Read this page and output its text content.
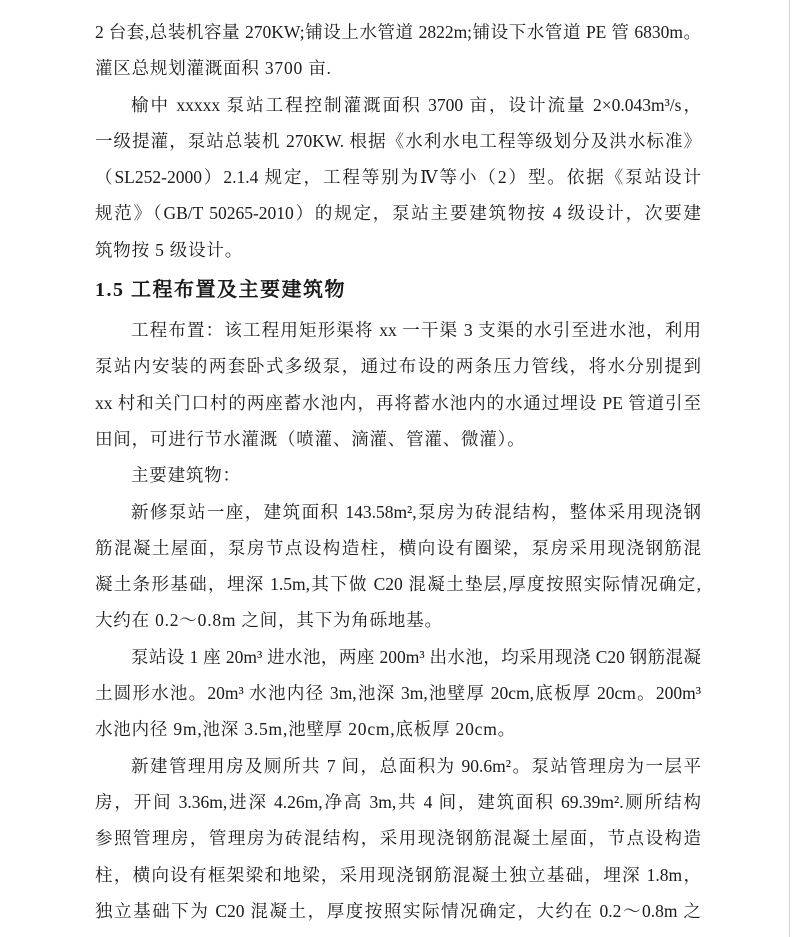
2 台套,总装机容量 270KW;铺设上水管道 2822m;铺设下水管道 PE 管 6830m。
灌区总规划灌溉面积 3700 亩.
榆中 xxxxx 泵站工程控制灌溉面积 3700 亩，设计流量 2×0.043m³/s，
一级提灌，泵站总装机 270KW. 根据《水利水电工程等级划分及洪水标准》
（SL252-2000）2.1.4 规定，工程等别为Ⅳ等小（2）型。依据《泵站设计
规范》（GB/T 50265-2010）的规定，泵站主要建筑物按 4 级设计，次要建
筑物按 5 级设计。
1.5 工程布置及主要建筑物
工程布置：该工程用矩形渠将 xx 一干渠 3 支渠的水引至进水池，利用
泵站内安装的两套卧式多级泵，通过布设的两条压力管线，将水分别提到
xx 村和关门口村的两座蓄水池内，再将蓄水池内的水通过埋设 PE 管道引至
田间，可进行节水灌溉（喷灌、滴灌、管灌、微灌）。
主要建筑物：
新修泵站一座，建筑面积 143.58m²,泵房为砖混结构，整体采用现浇钢
筋混凝土屋面，泵房节点设构造柱，横向设有圈梁，泵房采用现浇钢筋混
凝土条形基础，埋深 1.5m,其下做 C20 混凝土垫层,厚度按照实际情况确定,
大约在 0.2～0.8m 之间，其下为角砾地基。
泵站设 1 座 20m³ 进水池，两座 200m³ 出水池，均采用现浇 C20 钢筋混凝
土圆形水池。20m³ 水池内径 3m,池深 3m,池壁厚 20cm,底板厚 20cm。200m³
水池内径 9m,池深 3.5m,池壁厚 20cm,底板厚 20cm。
新建管理用房及厕所共 7 间，总面积为 90.6m²。泵站管理房为一层平
房，开间 3.36m,进深 4.26m,净高 3m,共 4 间，建筑面积 69.39m².厕所结构
参照管理房，管理房为砖混结构，采用现浇钢筋混凝土屋面，节点设构造
柱，横向设有框架梁和地梁，采用现浇钢筋混凝土独立基础，埋深 1.8m，
独立基础下为 C20 混凝土，厚度按照实际情况确定，大约在 0.2～0.8m 之
